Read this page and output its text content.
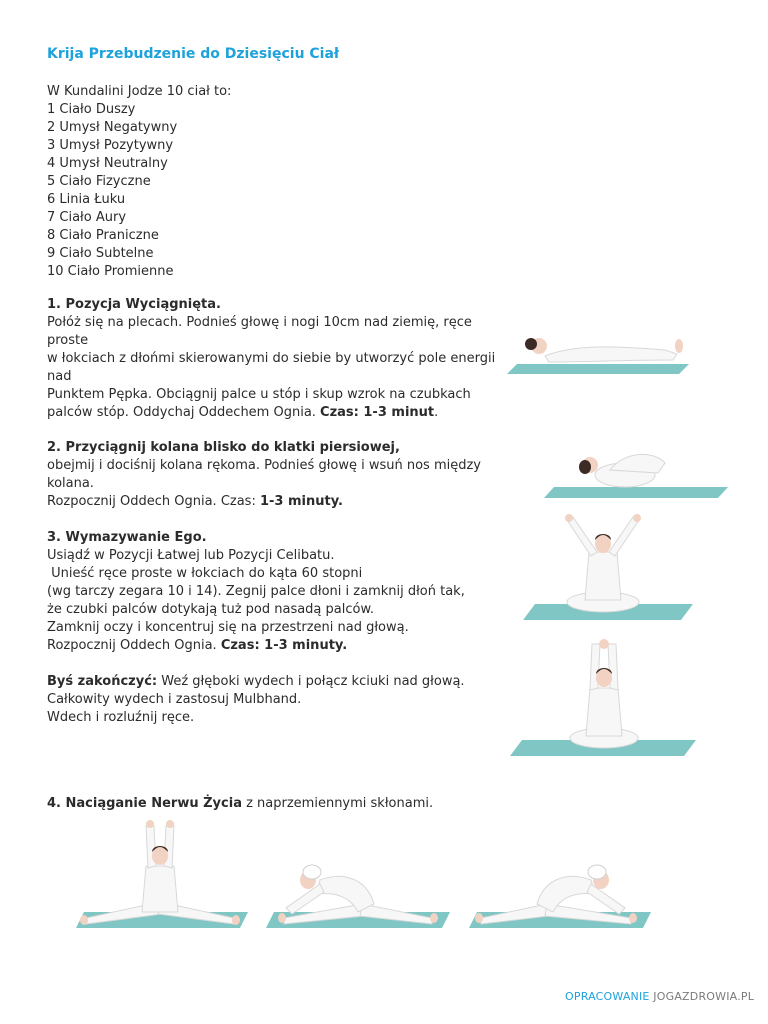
Krija Przebudzenie do Dziesięciu Ciał

W Kundalini Jodze 10 ciał to:

1 Ciało Duszy

2 Umysł Negatywny

3 Umysł Pozytywny

4 Umysł Neutralny

5 Ciało Fizyczne

6 Linia Łuku

7 Ciało Aury

8 Ciało Praniczne

9 Ciało Subtelne

10 Ciało Promienne

1. Pozycja Wyciągnięta.

Połóż się na plecach. Podnieś głowę i nogi 10cm nad ziemię, ręce proste

w łokciach z dłońmi skierowanymi do siebie by utworzyć pole energii nad

Punktem Pępka. Obciągnij palce u stóp i skup wzrok na czubkach

palców stóp. Oddychaj Oddechem Ognia. Czas: 1-3 minut.

2. Przyciągnij kolana blisko do klatki piersiowej,

obejmij i dociśnij kolana rękoma. Podnieś głowę i wsuń nos między kolana.

Rozpocznij Oddech Ognia. Czas: 1-3 minuty.

3. Wymazywanie Ego.

Usiądź w Pozycji Łatwej lub Pozycji Celibatu.

Unieść ręce proste w łokciach do kąta 60 stopni

(wg tarczy zegara 10 i 14). Zegnij palce dłoni i zamknij dłoń tak,

że czubki palców dotykają tuż pod nasadą palców.

Zamknij oczy i koncentruj się na przestrzeni nad głową.

Rozpocznij Oddech Ognia. Czas: 1-3 minuty.

Byś zakończyć: Weź głęboki wydech i połącz kciuki nad głową.

Całkowity wydech i zastosuj Mulbhand.

Wdech i rozluźnij ręce.

4. Naciąganie Nerwu Życia z naprzemiennymi skłonami.
OPRACOWANIE JOGAZDROWIA.PL
